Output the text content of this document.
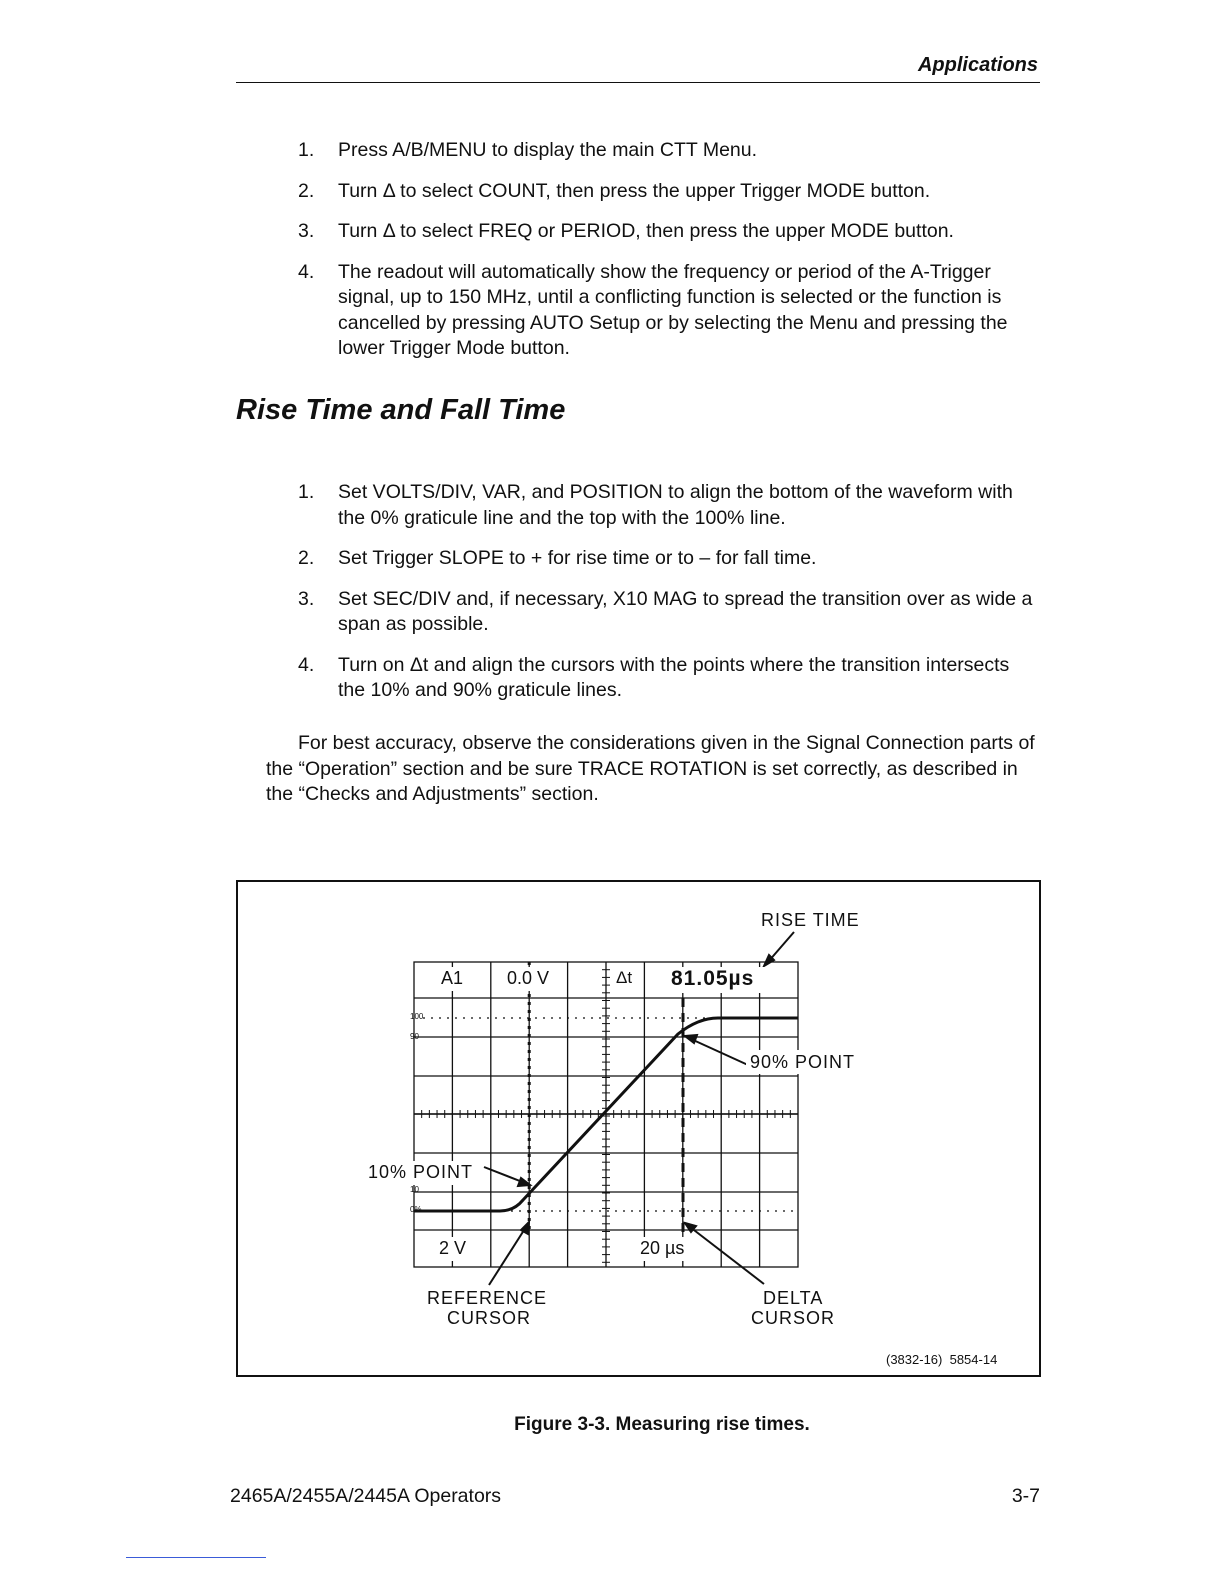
Applications
1. Press A/B/MENU to display the main CTT Menu.
2. Turn Δ to select COUNT, then press the upper Trigger MODE button.
3. Turn Δ to select FREQ or PERIOD, then press the upper MODE button.
4. The readout will automatically show the frequency or period of the A-Trigger signal, up to 150 MHz, until a conflicting function is selected or the function is cancelled by pressing AUTO Setup or by selecting the Menu and pressing the lower Trigger Mode button.
Rise Time and Fall Time
1. Set VOLTS/DIV, VAR, and POSITION to align the bottom of the waveform with the 0% graticule line and the top with the 100% line.
2. Set Trigger SLOPE to + for rise time or to – for fall time.
3. Set SEC/DIV and, if necessary, X10 MAG to spread the transition over as wide a span as possible.
4. Turn on Δt and align the cursors with the points where the transition intersects the 10% and 90% graticule lines.

For best accuracy, observe the considerations given in the Signal Connection parts of the “Operation” section and be sure TRACE ROTATION is set correctly, as described in the “Checks and Adjustments” section.

A1 0.0 V	Δt 81.05µs
2 V	20 µs
100
90
10
0%
RISE TIME
90% POINT
10% POINT
REFERENCE
CURSOR
DELTA
CURSOR
(3832-16)  5854-14
Figure 3-3. Measuring rise times.
2465A/2455A/2445A Operators	3-7
